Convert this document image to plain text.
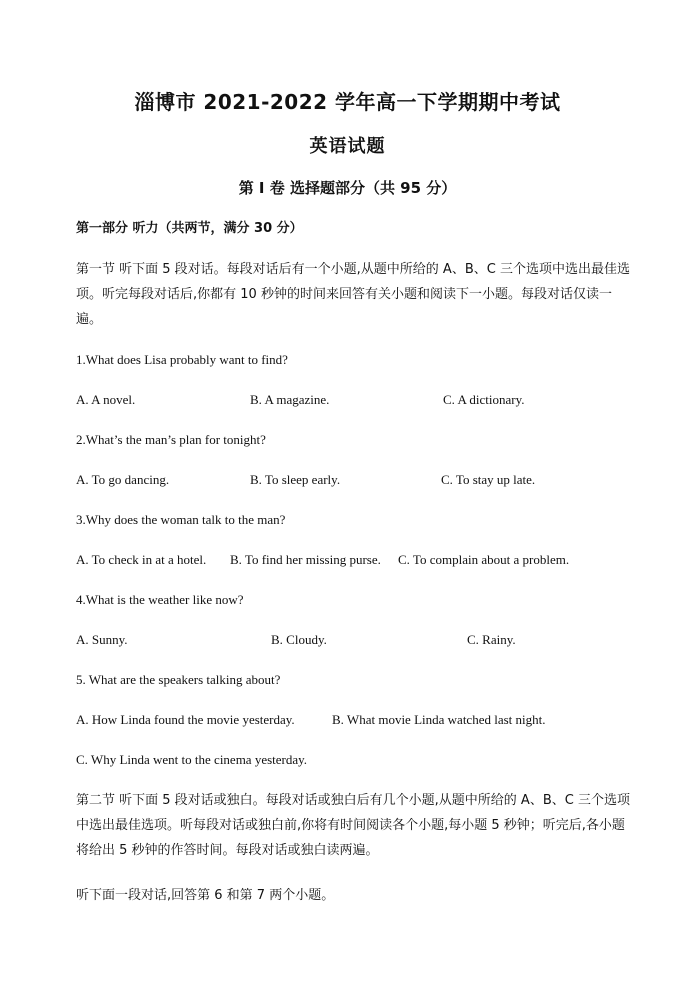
淄博市 2021-2022 学年高一下学期期中考试
英语试题
第 I 卷 选择题部分（共 95 分）
第一部分 听力（共两节，满分 30 分）
第一节 听下面 5 段对话。每段对话后有一个小题,从题中所给的 A、B、C 三个选项中选出最佳选项。听完每段对话后,你都有 10 秒钟的时间来回答有关小题和阅读下一小题。每段对话仅读一遍。
1.What does Lisa probably want to find?
A. A novel.	B. A magazine.	C. A dictionary.
2.What’s the man’s plan for tonight?
A. To go dancing.	B. To sleep early.	C. To stay up late.
3.Why does the woman talk to the man?
A. To check in at a hotel. B. To find her missing purse. C. To complain about a problem.
4.What is the weather like now?
A. Sunny.	B. Cloudy.	C. Rainy.
5. What are the speakers talking about?
A. How Linda found the movie yesterday.	B. What movie Linda watched last night.
C. Why Linda went to the cinema yesterday.
第二节 听下面 5 段对话或独白。每段对话或独白后有几个小题,从题中所给的 A、B、C 三个选项中选出最佳选项。听每段对话或独白前,你将有时间阅读各个小题,每小题 5 秒钟；听完后,各小题将给出 5 秒钟的作答时间。每段对话或独白读两遍。
听下面一段对话,回答第 6 和第 7 两个小题。
